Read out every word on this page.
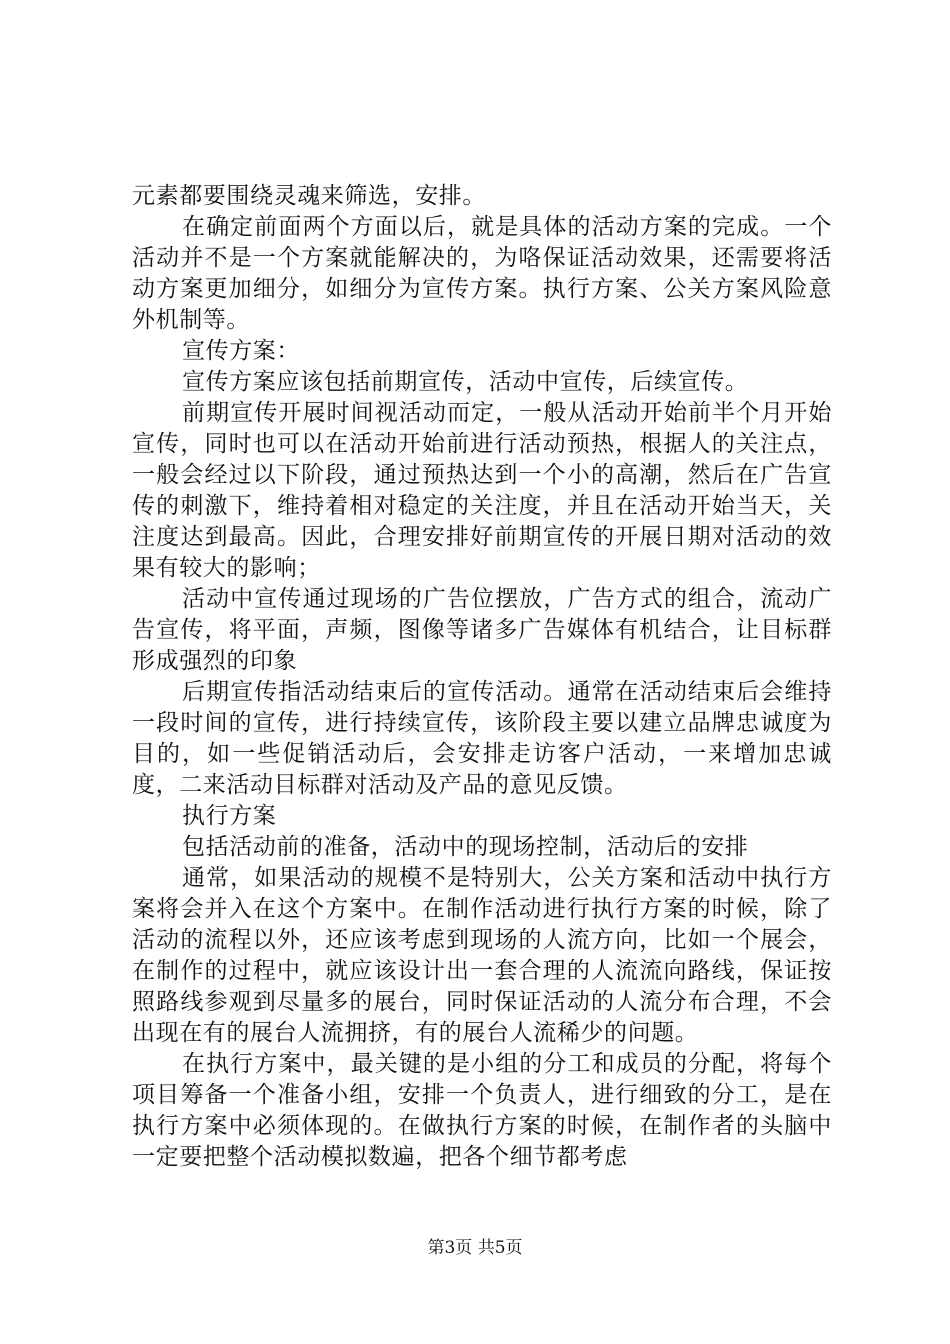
元素都要围绕灵魂来筛选，安排。

在确定前面两个方面以后，就是具体的活动方案的完成。一个活动并不是一个方案就能解决的，为咯保证活动效果，还需要将活动方案更加细分，如细分为宣传方案。执行方案、公关方案风险意外机制等。

宣传方案：

宣传方案应该包括前期宣传，活动中宣传，后续宣传。

前期宣传开展时间视活动而定，一般从活动开始前半个月开始宣传，同时也可以在活动开始前进行活动预热，根据人的关注点，一般会经过以下阶段，通过预热达到一个小的高潮，然后在广告宣传的刺激下，维持着相对稳定的关注度，并且在活动开始当天，关注度达到最高。因此，合理安排好前期宣传的开展日期对活动的效果有较大的影响；

活动中宣传通过现场的广告位摆放，广告方式的组合，流动广告宣传，将平面，声频，图像等诸多广告媒体有机结合，让目标群形成强烈的印象

后期宣传指活动结束后的宣传活动。通常在活动结束后会维持一段时间的宣传，进行持续宣传，该阶段主要以建立品牌忠诚度为目的，如一些促销活动后，会安排走访客户活动，一来增加忠诚度，二来活动目标群对活动及产品的意见反馈。

执行方案

包括活动前的准备，活动中的现场控制，活动后的安排

通常，如果活动的规模不是特别大，公关方案和活动中执行方案将会并入在这个方案中。在制作活动进行执行方案的时候，除了活动的流程以外，还应该考虑到现场的人流方向，比如一个展会，在制作的过程中，就应该设计出一套合理的人流流向路线，保证按照路线参观到尽量多的展台，同时保证活动的人流分布合理，不会出现在有的展台人流拥挤，有的展台人流稀少的问题。

在执行方案中，最关键的是小组的分工和成员的分配，将每个项目筹备一个准备小组，安排一个负责人，进行细致的分工，是在执行方案中必须体现的。在做执行方案的时候，在制作者的头脑中一定要把整个活动模拟数遍，把各个细节都考虑

第3页 共5页
